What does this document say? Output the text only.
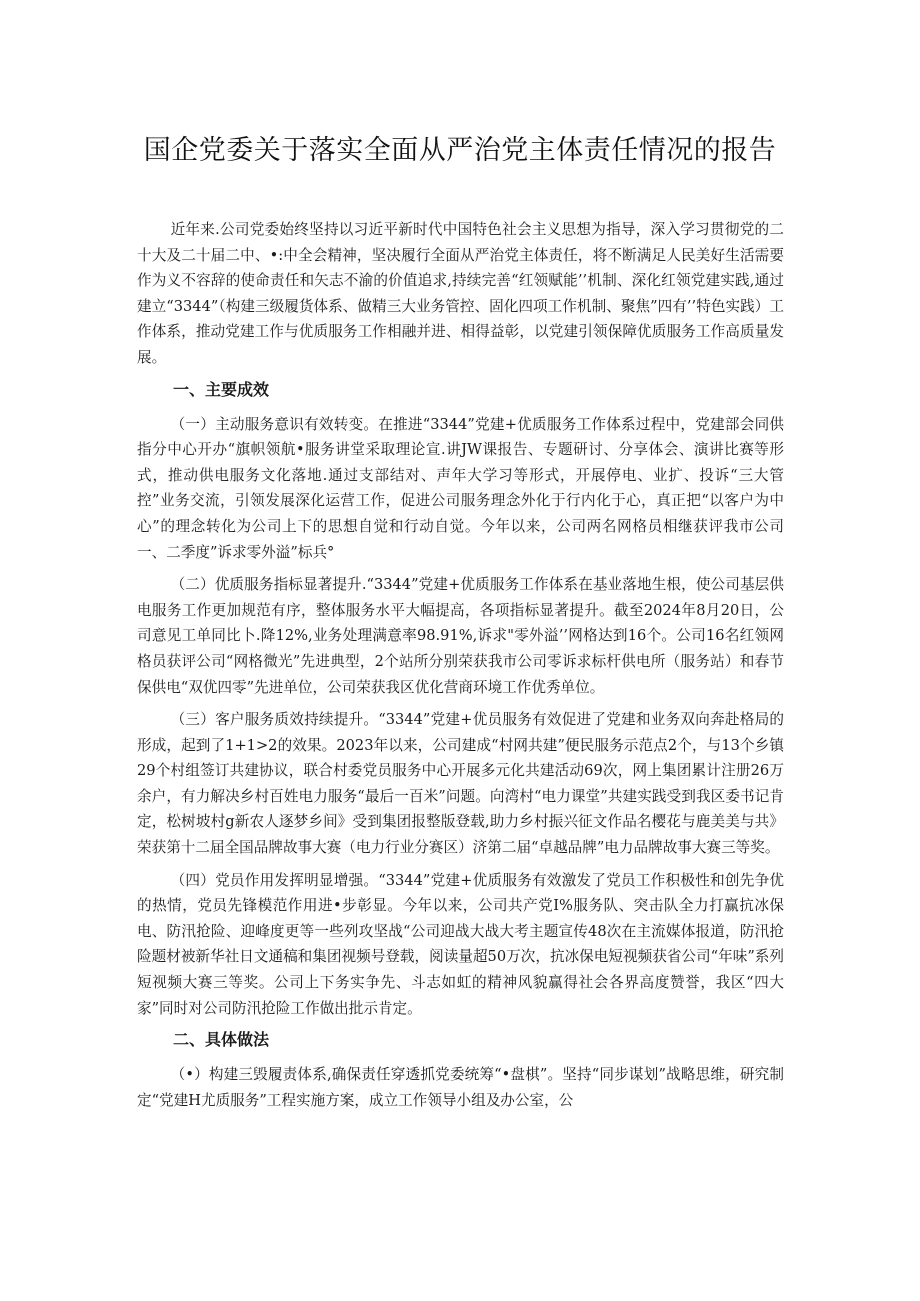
国企党委关于落实全面从严治党主体责任情况的报告

近年来.公司党委始终坚持以习近平新时代中国特色社会主义思想为指导，深入学习贯彻党的二十大及二十届二中、•:中全会精神，坚决履行全面从严治党主体责任，将不断满足人民美好生活需要作为义不容辞的使命责任和矢志不渝的价值追求,持续完善“红领赋能’’机制、深化红领党建实践,通过建立“3344”（构建三级履货体系、做精三大业务管控、固化四项工作机制、聚焦”四有’’特色实践）工作体系，推动党建工作与优质服务工作相融并进、相得益彰，以党建引领保障优质服务工作高质量发展。

一、主要成效

（一）主动服务意识有效转变。在推进“3344”党建+优质服务工作体系过程中，党建部会同供指分中心开办“旗帜领航•服务讲堂采取理论宣.讲JW课报告、专题研讨、分享体会、演讲比赛等形式，推动供电服务文化落地.通过支部结对、声年大学习等形式，开展停电、业扩、投诉“三大管控”业务交流，引领发展深化运营工作，促进公司服务理念外化于行内化于心，真正把“以客户为中心”的理念转化为公司上下的思想自觉和行动自觉。今年以来，公司两名网格员相继获评我市公司一、二季度”诉求零外溢”标兵°

（二）优质服务指标显著提升.“3344”党建+优质服务工作体系在基业落地生根，使公司基层供电服务工作更加规范有序，整体服务水平大幅提高，各项指标显著提升。截至2024年8月20日，公司意见工单同比卜.降12%,业务处理满意率98.91%,诉求"零外溢’’网格达到16个。公司16名红领网格员获评公司“网格微光”先进典型，2个站所分别荣获我市公司零诉求标杆供电所（服务站）和春节保供电“双优四零”先进单位，公司荣获我区优化营商环境工作优秀单位。

（三）客户服务质效持续提升。“3344”党建+优员服务有效促进了党建和业务双向奔赴格局的形成，起到了1+1>2的效果。2023年以来，公司建成“村网共建”便民服务示范点2个，与13个乡镇29个村组签订共建协议，联合村委党员服务中心开展多元化共建活动69次，网上集团累计注册26万余户，有力解决乡村百姓电力服务“最后一百米”问题。向湾村“电力课堂”共建实践受到我区委书记肯定，松树坡村g新农人逐梦乡间》受到集团报整版登载,助力乡村振兴征文作品名樱花与鹿美美与共》荣获第十二届全国品牌故事大赛（电力行业分赛区）济第二届“卓越品牌”电力品牌故事大赛三等奖。

（四）党员作用发挥明显增强。“3344”党建+优质服务有效激发了党员工作积极性和创先争优的热情，党员先锋模范作用进•步彰显。今年以来，公司共产党I%服务队、突击队全力打赢抗冰保电、防汛抢险、迎峰度更等一些列攻坚战“公司迎战大战大考主题宣传48次在主流媒体报道，防汛抢险题材被新华社日文通稿和集团视频号登载，阅读量超50万次，抗冰保电短视频获省公司“年味”系列短视频大赛三等奖。公司上下务实争先、斗志如虹的精神风貌赢得社会各界高度赞誉，我区“四大家”同时对公司防汛抢险工作做出批示肯定。

二、具体做法

（•）构建三毁履责体系,确保责任穿透抓党委统筹“•盘棋”。坚持“同步谋划”战略思维，研究制定“党建H尤质服务”工程实施方案，成立工作领导小组及办公室，公
